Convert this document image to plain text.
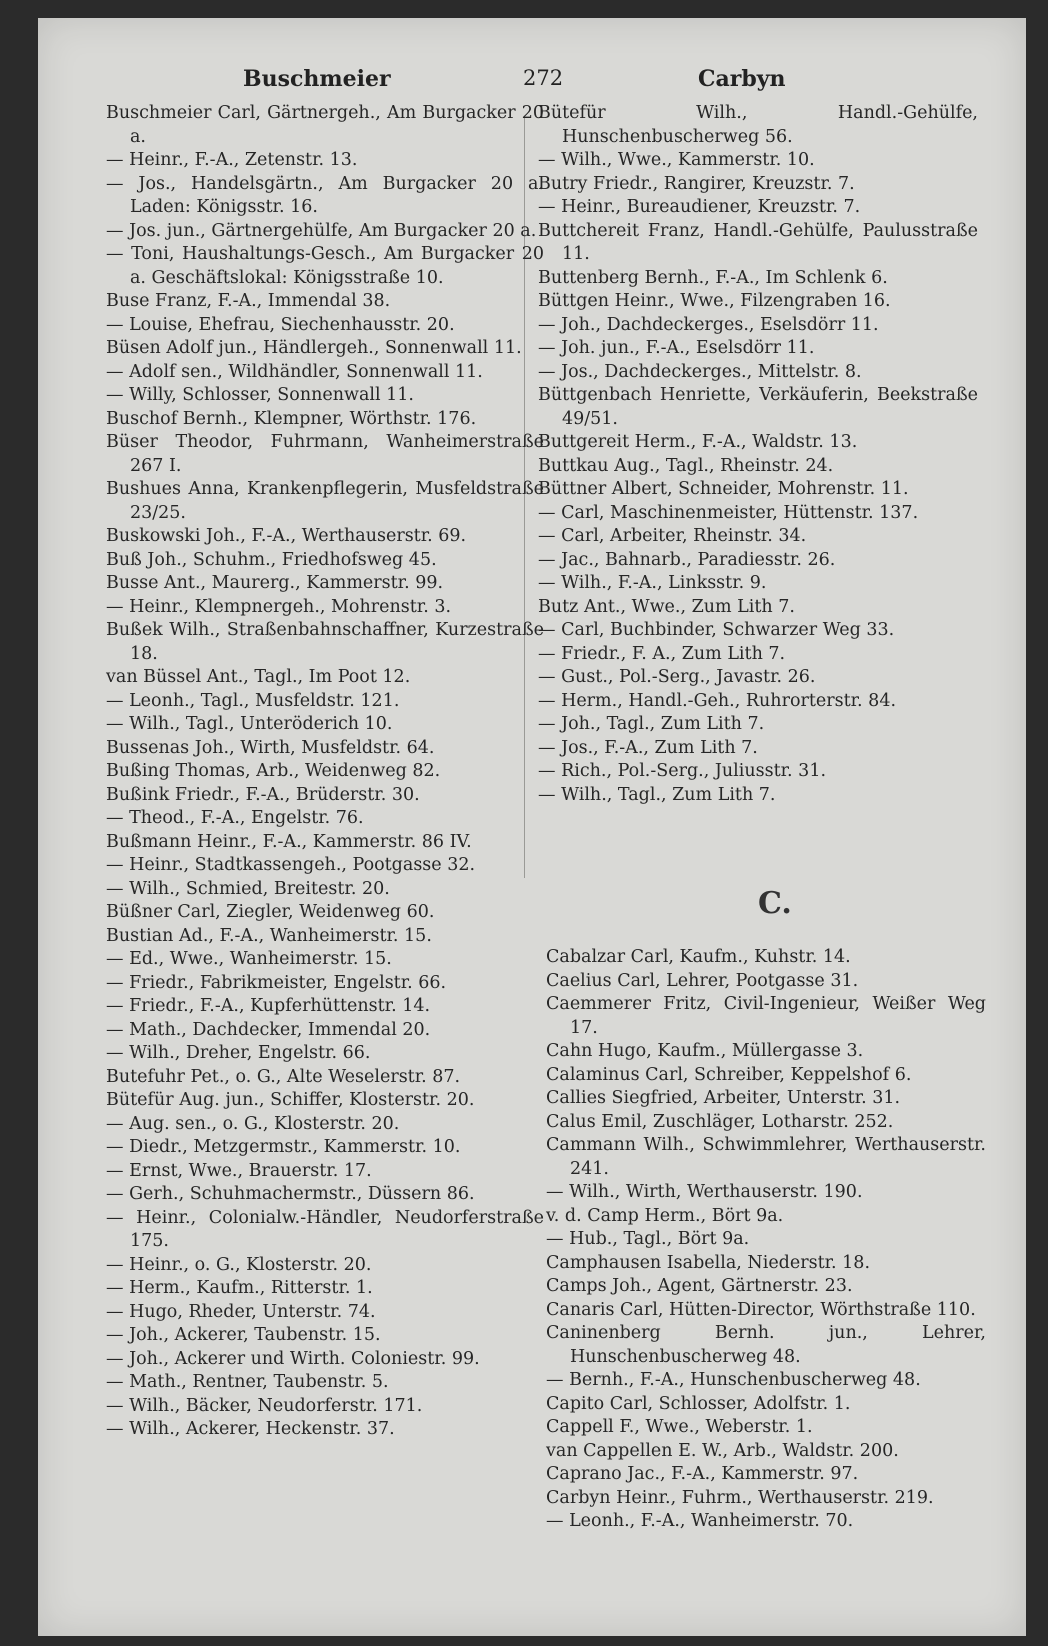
Buschmeier	272	Carbyn
Buschmeier Carl, Gärtnergeh., Am Burgacker 20 a.
— Heinr., F.-A., Zetenstr. 13.
— Jos., Handelsgärtn., Am Burgacker 20 a. Laden: Königsstr. 16.
— Jos. jun., Gärtnergehülfe, Am Burgacker 20 a.
— Toni, Haushaltungs-Gesch., Am Burgacker 20 a. Geschäftslokal: Königsstraße 10.
Buse Franz, F.-A., Immendal 38.
— Louise, Ehefrau, Siechenhausstr. 20.
Büsen Adolf jun., Händlergeh., Sonnenwall 11.
— Adolf sen., Wildhändler, Sonnenwall 11.
— Willy, Schlosser, Sonnenwall 11.
Buschof Bernh., Klempner, Wörthstr. 176.
Büser Theodor, Fuhrmann, Wanheimerstraße 267 I.
Bushues Anna, Krankenpflegerin, Musfeldstraße 23/25.
Buskowski Joh., F.-A., Werthauserstr. 69.
Buß Joh., Schuhm., Friedhofsweg 45.
Busse Ant., Maurerg., Kammerstr. 99.
— Heinr., Klempnergeh., Mohrenstr. 3.
Bußek Wilh., Straßenbahnschaffner, Kurzestraße 18.
van Büssel Ant., Tagl., Im Poot 12.
— Leonh., Tagl., Musfeldstr. 121.
— Wilh., Tagl., Unteröderich 10.
Bussenas Joh., Wirth, Musfeldstr. 64.
Bußing Thomas, Arb., Weidenweg 82.
Bußink Friedr., F.-A., Brüderstr. 30.
— Theod., F.-A., Engelstr. 76.
Bußmann Heinr., F.-A., Kammerstr. 86 IV.
— Heinr., Stadtkassengeh., Pootgasse 32.
— Wilh., Schmied, Breitestr. 20.
Büßner Carl, Ziegler, Weidenweg 60.
Bustian Ad., F.-A., Wanheimerstr. 15.
— Ed., Wwe., Wanheimerstr. 15.
— Friedr., Fabrikmeister, Engelstr. 66.
— Friedr., F.-A., Kupferhüttenstr. 14.
— Math., Dachdecker, Immendal 20.
— Wilh., Dreher, Engelstr. 66.
Butefuhr Pet., o. G., Alte Weselerstr. 87.
Bütefür Aug. jun., Schiffer, Klosterstr. 20.
— Aug. sen., o. G., Klosterstr. 20.
— Diedr., Metzgermstr., Kammerstr. 10.
— Ernst, Wwe., Brauerstr. 17.
— Gerh., Schuhmachermstr., Düssern 86.
— Heinr., Colonialw.-Händler, Neudorferstraße 175.
— Heinr., o. G., Klosterstr. 20.
— Herm., Kaufm., Ritterstr. 1.
— Hugo, Rheder, Unterstr. 74.
— Joh., Ackerer, Taubenstr. 15.
— Joh., Ackerer und Wirth. Coloniestr. 99.
— Math., Rentner, Taubenstr. 5.
— Wilh., Bäcker, Neudorferstr. 171.
— Wilh., Ackerer, Heckenstr. 37.
Bütefür Wilh., Handl.-Gehülfe, Hunschenbuscherweg 56.
— Wilh., Wwe., Kammerstr. 10.
Butry Friedr., Rangirer, Kreuzstr. 7.
— Heinr., Bureaudiener, Kreuzstr. 7.
Buttchereit Franz, Handl.-Gehülfe, Paulusstraße 11.
Buttenberg Bernh., F.-A., Im Schlenk 6.
Büttgen Heinr., Wwe., Filzengraben 16.
— Joh., Dachdeckerges., Eselsdörr 11.
— Joh. jun., F.-A., Eselsdörr 11.
— Jos., Dachdeckerges., Mittelstr. 8.
Büttgenbach Henriette, Verkäuferin, Beekstraße 49/51.
Buttgereit Herm., F.-A., Waldstr. 13.
Buttkau Aug., Tagl., Rheinstr. 24.
Büttner Albert, Schneider, Mohrenstr. 11.
— Carl, Maschinenmeister, Hüttenstr. 137.
— Carl, Arbeiter, Rheinstr. 34.
— Jac., Bahnarb., Paradiesstr. 26.
— Wilh., F.-A., Linksstr. 9.
Butz Ant., Wwe., Zum Lith 7.
— Carl, Buchbinder, Schwarzer Weg 33.
— Friedr., F. A., Zum Lith 7.
— Gust., Pol.-Serg., Javastr. 26.
— Herm., Handl.-Geh., Ruhrorterstr. 84.
— Joh., Tagl., Zum Lith 7.
— Jos., F.-A., Zum Lith 7.
— Rich., Pol.-Serg., Juliusstr. 31.
— Wilh., Tagl., Zum Lith 7.
C.
Cabalzar Carl, Kaufm., Kuhstr. 14.
Caelius Carl, Lehrer, Pootgasse 31.
Caemmerer Fritz, Civil-Ingenieur, Weißer Weg 17.
Cahn Hugo, Kaufm., Müllergasse 3.
Calaminus Carl, Schreiber, Keppelshof 6.
Callies Siegfried, Arbeiter, Unterstr. 31.
Calus Emil, Zuschläger, Lotharstr. 252.
Cammann Wilh., Schwimmlehrer, Werthauserstr. 241.
— Wilh., Wirth, Werthauserstr. 190.
v. d. Camp Herm., Bört 9a.
— Hub., Tagl., Bört 9a.
Camphausen Isabella, Niederstr. 18.
Camps Joh., Agent, Gärtnerstr. 23.
Canaris Carl, Hütten-Director, Wörthstraße 110.
Caninenberg Bernh. jun., Lehrer, Hunschenbuscherweg 48.
— Bernh., F.-A., Hunschenbuscherweg 48.
Capito Carl, Schlosser, Adolfstr. 1.
Cappell F., Wwe., Weberstr. 1.
van Cappellen E. W., Arb., Waldstr. 200.
Caprano Jac., F.-A., Kammerstr. 97.
Carbyn Heinr., Fuhrm., Werthauserstr. 219.
— Leonh., F.-A., Wanheimerstr. 70.
